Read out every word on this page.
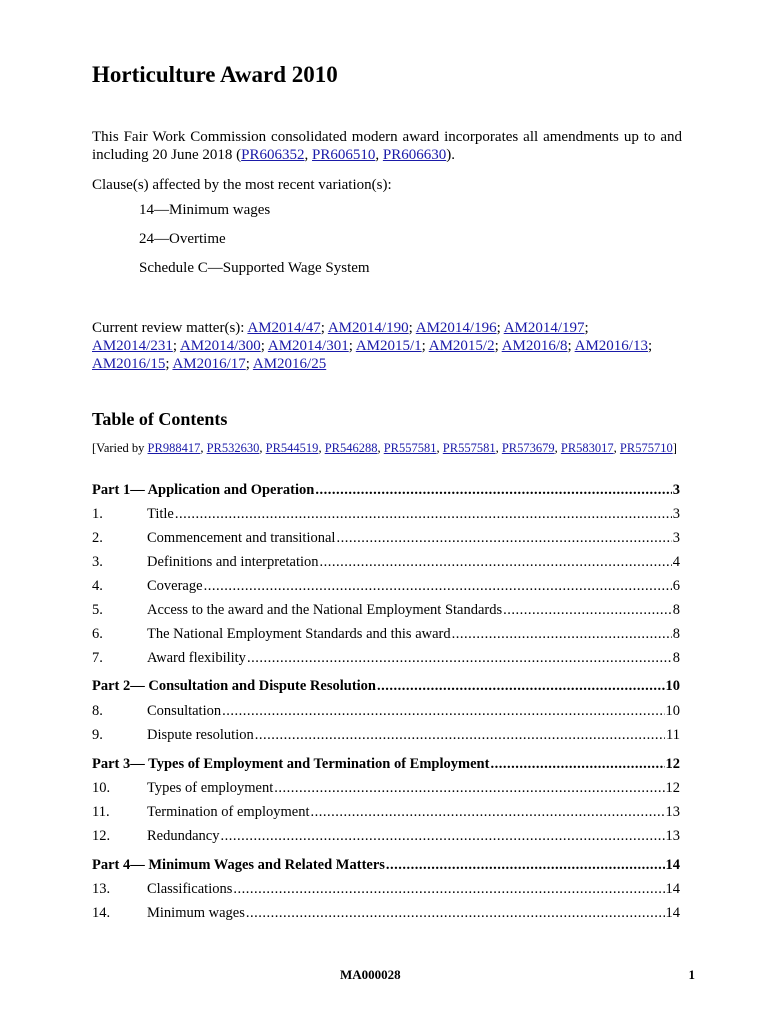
Horticulture Award 2010

This Fair Work Commission consolidated modern award incorporates all amendments up to and including 20 June 2018 (PR606352, PR606510, PR606630).

Clause(s) affected by the most recent variation(s):

14—Minimum wages
24—Overtime
Schedule C—Supported Wage System

Current review matter(s): AM2014/47; AM2014/190; AM2014/196; AM2014/197;
AM2014/231; AM2014/300; AM2014/301; AM2015/1; AM2015/2; AM2016/8; AM2016/13;
AM2016/15; AM2016/17; AM2016/25

Table of Contents
[Varied by PR988417, PR532630, PR544519, PR546288, PR557581, PR557581, PR573679, PR583017, PR575710]
Part 1— Application and Operation .....	3
1.	Title .....	3
2.	Commencement and transitional .....	3
3.	Definitions and interpretation .....	4
4.	Coverage .....	6
5.	Access to the award and the National Employment Standards .....	8
6.	The National Employment Standards and this award .....	8
7.	Award flexibility .....	8
Part 2— Consultation and Dispute Resolution .....	10
8.	Consultation .....	10
9.	Dispute resolution .....	11
Part 3— Types of Employment and Termination of Employment .....	12
10.	Types of employment .....	12
11.	Termination of employment .....	13
12.	Redundancy .....	13
Part 4— Minimum Wages and Related Matters .....	14
13.	Classifications .....	14
14.	Minimum wages .....	14
MA000028	1
